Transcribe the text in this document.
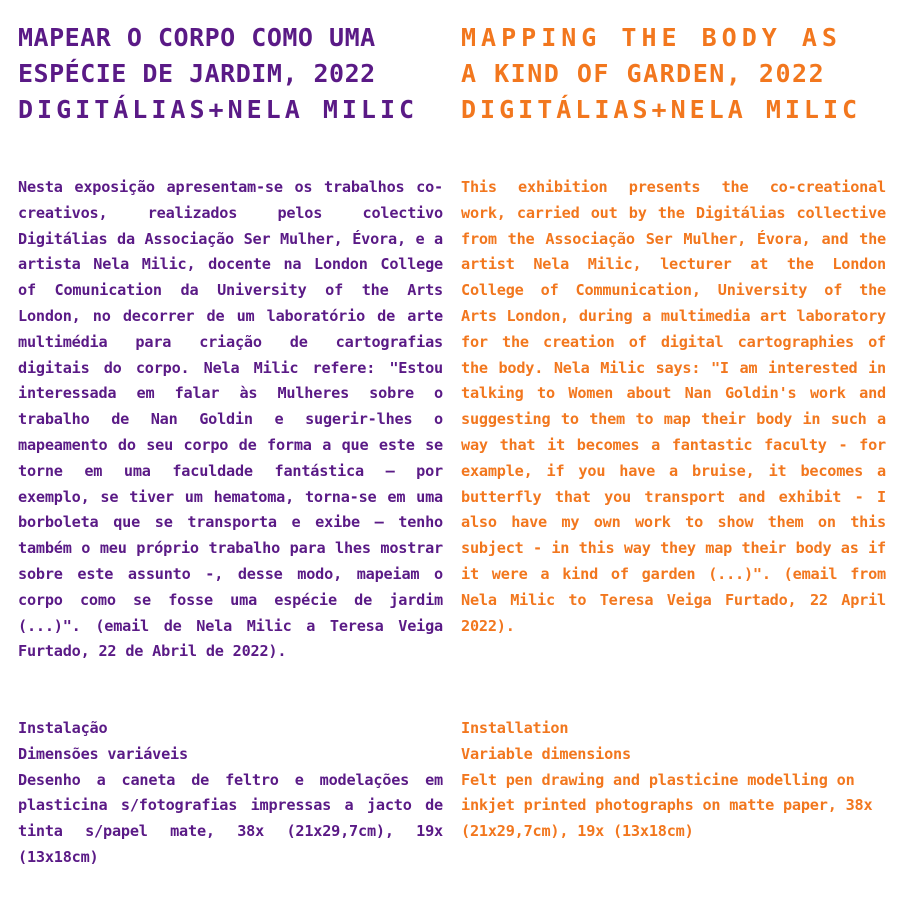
MAPEAR O CORPO COMO UMA
ESPÉCIE DE JARDIM, 2022
DIGITÁLIAS+NELA MILIC

Nesta exposição apresentam-se os trabalhos co-creativos, realizados pelos colectivo Digitálias da Associação Ser Mulher, Évora, e a artista Nela Milic, docente na London College of Comunication da University of the Arts London, no decorrer de um laboratório de arte multimédia para criação de cartografias digitais do corpo. Nela Milic refere: "Estou interessada em falar às Mulheres sobre o trabalho de Nan Goldin e sugerir-lhes o mapeamento do seu corpo de forma a que este se torne em uma faculdade fantástica – por exemplo, se tiver um hematoma, torna-se em uma borboleta que se transporta e exibe – tenho também o meu próprio trabalho para lhes mostrar sobre este assunto -, desse modo, mapeiam o corpo como se fosse uma espécie de jardim (...)". (email de Nela Milic a Teresa Veiga Furtado, 22 de Abril de 2022).

Instalação
Dimensões variáveis
Desenho a caneta de feltro e modelações em plasticina s/fotografias impressas a jacto de tinta s/papel mate, 38x (21x29,7cm), 19x (13x18cm)
MAPPING THE BODY AS
A KIND OF GARDEN, 2022
DIGITÁLIAS+NELA MILIC

This exhibition presents the co-creational work, carried out by the Digitálias collective from the Associação Ser Mulher, Évora, and the artist Nela Milic, lecturer at the London College of Communication, University of the Arts London, during a multimedia art laboratory for the creation of digital cartographies of the body. Nela Milic says: "I am interested in talking to Women about Nan Goldin's work and suggesting to them to map their body in such a way that it becomes a fantastic faculty - for example, if you have a bruise, it becomes a butterfly that you transport and exhibit - I also have my own work to show them on this subject - in this way they map their body as if it were a kind of garden (...)". (email from Nela Milic to Teresa Veiga Furtado, 22 April 2022).

Installation
Variable dimensions
Felt pen drawing and plasticine modelling on inkjet printed photographs on matte paper, 38x (21x29,7cm), 19x (13x18cm)
